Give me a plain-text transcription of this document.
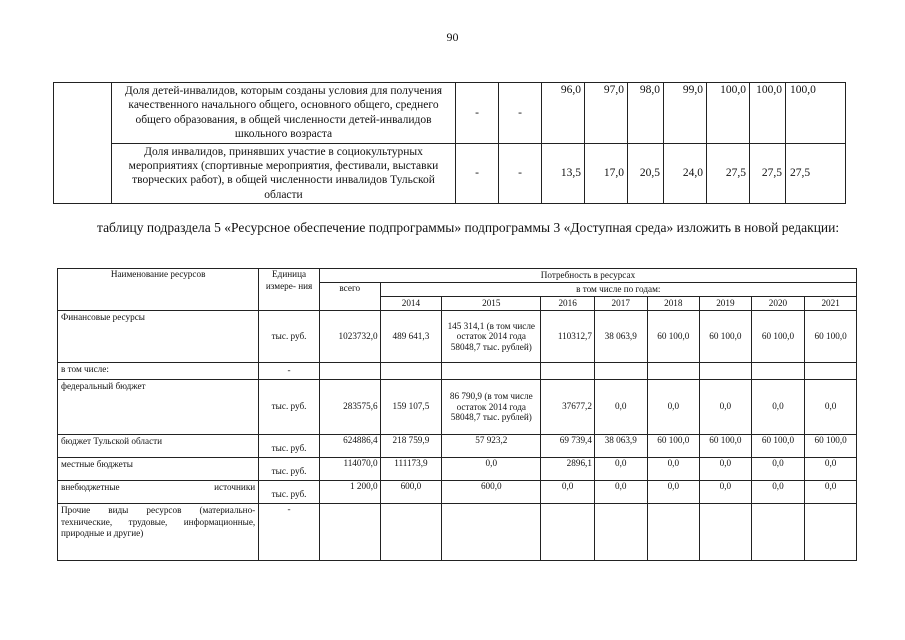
90
	Доля детей-инвалидов, которым созданы условия для получения качественного начального общего, основного общего, среднего общего образования, в общей численности детей-инвалидов школьного возраста	-	-	96,0	97,0	98,0	99,0	100,0	100,0	100,0
	Доля инвалидов, принявших участие в социокультурных мероприятиях (спортивные мероприятия, фестивали, выставки творческих работ), в общей численности инвалидов Тульской области	-	-	13,5	17,0	20,5	24,0	27,5	27,5	27,5
таблицу подраздела 5 «Ресурсное обеспечение подпрограммы» подпрограммы 3 «Доступная среда» изложить в новой редакции:
Наименование ресурсов	Единица измере- ния	Потребность в ресурсах								
		всего	в том числе по годам:							
			2014	2015	2016	2017	2018	2019	2020	2021
Финансовые ресурсы	тыс. руб.	1023732,0	489 641,3	145 314,1 (в том числе остаток 2014 года 58048,7 тыс. рублей)	110312,7	38 063,9	60 100,0	60 100,0	60 100,0	60 100,0
в том числе:	-									
федеральный бюджет	тыс. руб.	283575,6	159 107,5	86 790,9 (в том числе остаток 2014 года 58048,7 тыс. рублей)	37677,2	0,0	0,0	0,0	0,0	0,0
бюджет Тульской области	тыс. руб.	624886,4	218 759,9	57 923,2	69 739,4	38 063,9	60 100,0	60 100,0	60 100,0	60 100,0
местные бюджеты	тыс. руб.	114070,0	111173,9	0,0	2896,1	0,0	0,0	0,0	0,0	0,0

внебюджетные источники	тыс. руб.	1 200,0	600,0	600,0	0,0	0,0	0,0	0,0	0,0	0,0
Прочие виды ресурсов (материально-технические, трудовые, информационные, природные и другие)	-									
